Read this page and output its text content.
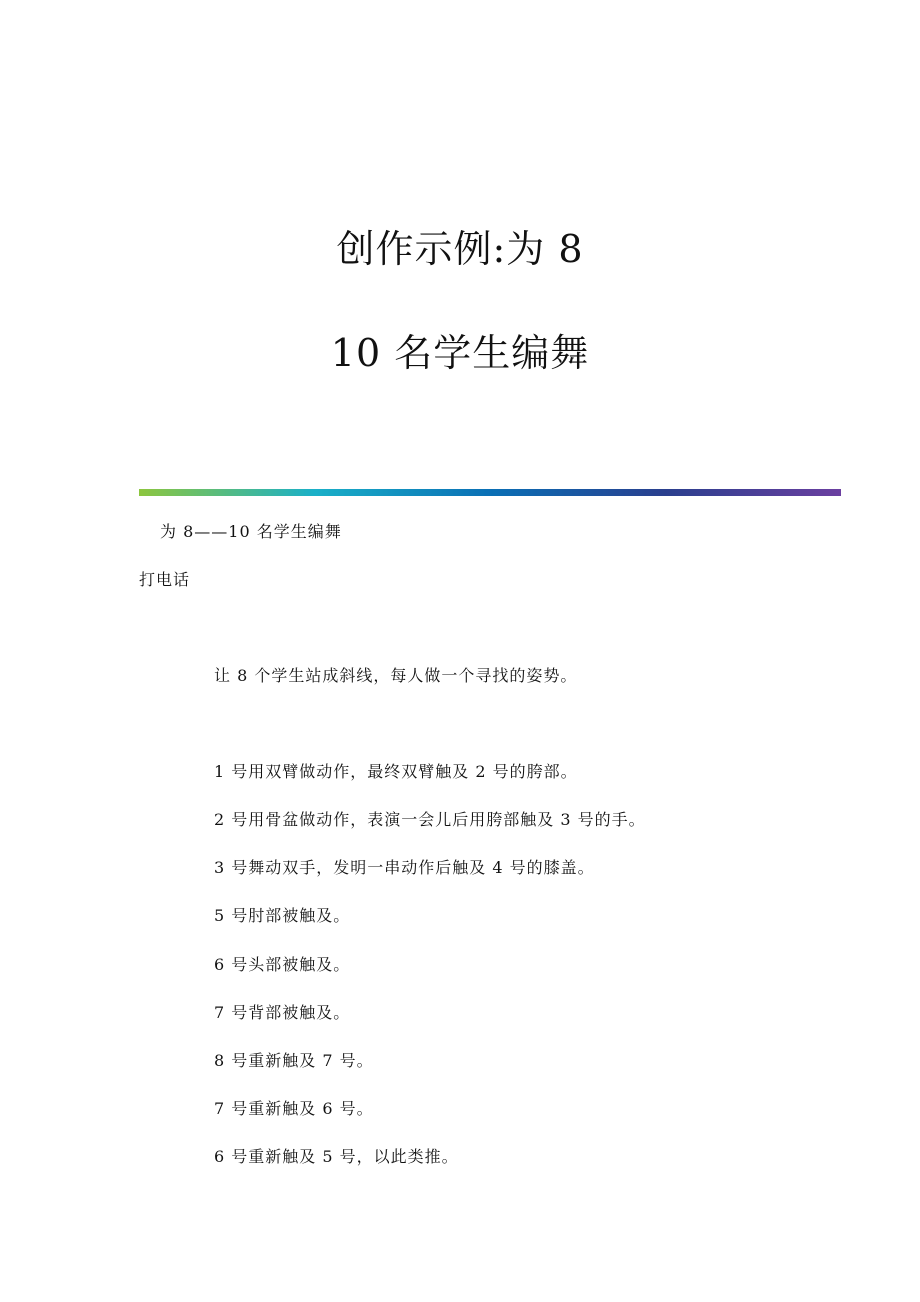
创作示例:为 8
10 名学生编舞
为 8——10 名学生编舞
打电话
让 8 个学生站成斜线，每人做一个寻找的姿势。
1 号用双臂做动作，最终双臂触及 2 号的胯部。
2 号用骨盆做动作，表演一会儿后用胯部触及 3 号的手。
3 号舞动双手，发明一串动作后触及 4 号的膝盖。
5 号肘部被触及。
6 号头部被触及。
7 号背部被触及。
8 号重新触及 7 号。
7 号重新触及 6 号。
6 号重新触及 5 号，以此类推。
